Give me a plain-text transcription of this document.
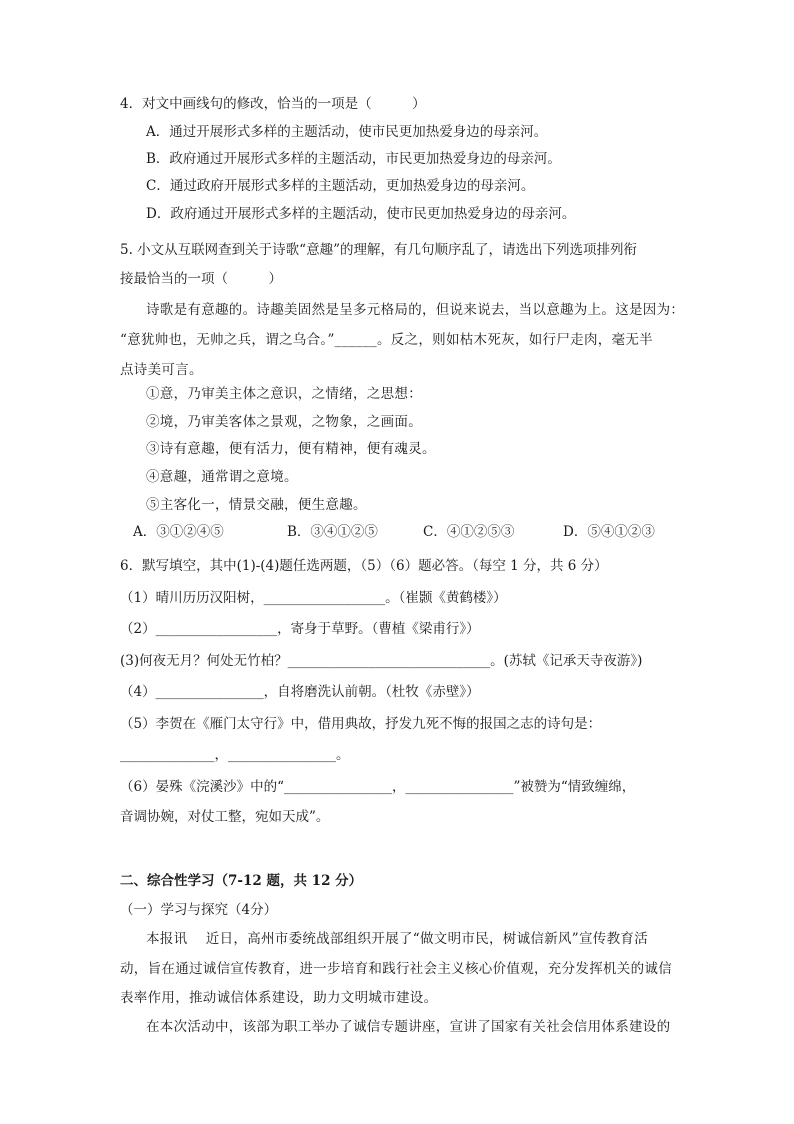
4．对文中画线句的修改，恰当的一项是（　　　）
A．通过开展形式多样的主题活动，使市民更加热爱身边的母亲河。
B．政府通过开展形式多样的主题活动，市民更加热爱身边的母亲河。
C．通过政府开展形式多样的主题活动，更加热爱身边的母亲河。
D．政府通过开展形式多样的主题活动，使市民更加热爱身边的母亲河。
5. 小文从互联网查到关于诗歌“意趣”的理解，有几句顺序乱了，请选出下列选项排列衔
接最恰当的一项（　　　）
诗歌是有意趣的。诗趣美固然是呈多元格局的，但说来说去，当以意趣为上。这是因为：
“意犹帅也，无帅之兵，谓之乌合。”______。反之，则如枯木死灰，如行尸走肉，毫无半
点诗美可言。
①意，乃审美主体之意识，之情绪，之思想：
②境，乃审美客体之景观，之物象，之画面。
③诗有意趣，便有活力，便有精神，便有魂灵。
④意趣，通常谓之意境。
⑤主客化一，情景交融，便生意趣。
A．③①②④⑤	B．③④①②⑤	C．④①②⑤③	D．⑤④①②③
6．默写填空，其中(1)-(4)题任选两题，（5）（6）题必答。（每空 1 分，共 6 分）
（1）晴川历历汉阳树，__________________。（崔颢《黄鹤楼》）
（2）__________________，寄身于草野。（曹植《梁甫行》）
(3)何夜无月？何处无竹柏？______________________________。(苏轼《记承天寺夜游》)
（4）________________，自将磨洗认前朝。（杜牧《赤壁》）
（5）李贺在《雁门太守行》中，借用典故，抒发九死不悔的报国之志的诗句是：
______________，________________。
（6）晏殊《浣溪沙》中的“________________，________________”被赞为“情致缠绵，
音调协婉，对仗工整，宛如天成”。
二、综合性学习（7-12 题，共 12 分）
（一）学习与探究（4分）
本报讯　 近日，高州市委统战部组织开展了“做文明市民，树诚信新风”宣传教育活
动，旨在通过诚信宣传教育，进一步培育和践行社会主义核心价值观，充分发挥机关的诚信
表率作用，推动诚信体系建设，助力文明城市建设。
在本次活动中，该部为职工举办了诚信专题讲座，宣讲了国家有关社会信用体系建设的
